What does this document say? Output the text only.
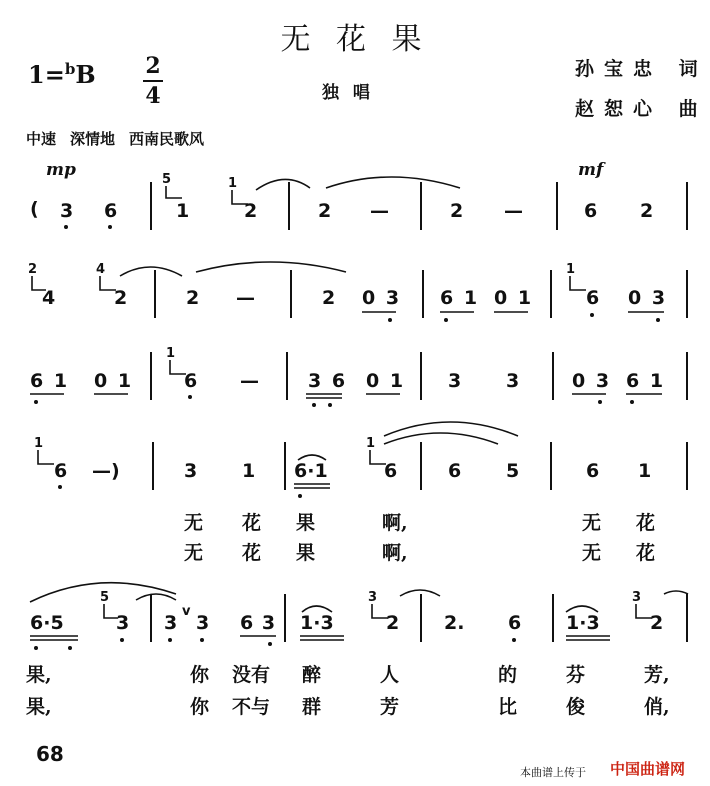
无 花 果
1=$^b$B 2
4	独 唱
孙宝忠 词
赵恕心 曲
中速 深情地 西南民歌风
mp	mf
( 3 6
5
1
1
2	2 —	2 —	6 2
2
4
4
2	2 —	2 0 3 6 1 0 1
1
6 0 3
6 1 0 1
1
6 —	3 6 0 1 3 3	0 3 6 1
1
6 —)	3 1 6·1
1
6	6 5	6 1
无 花 果	啊,	无 花
无 花 果	啊,	无 花
6·5
5
3 3
v
3 6 3 1·3
3
2 2. 6 1·3
3
2
果,	你 没有 醉	人	的	芬	芳,
果,	你 不与 群	芳	比	俊	俏,
68
本曲谱上传于 中国曲谱网
